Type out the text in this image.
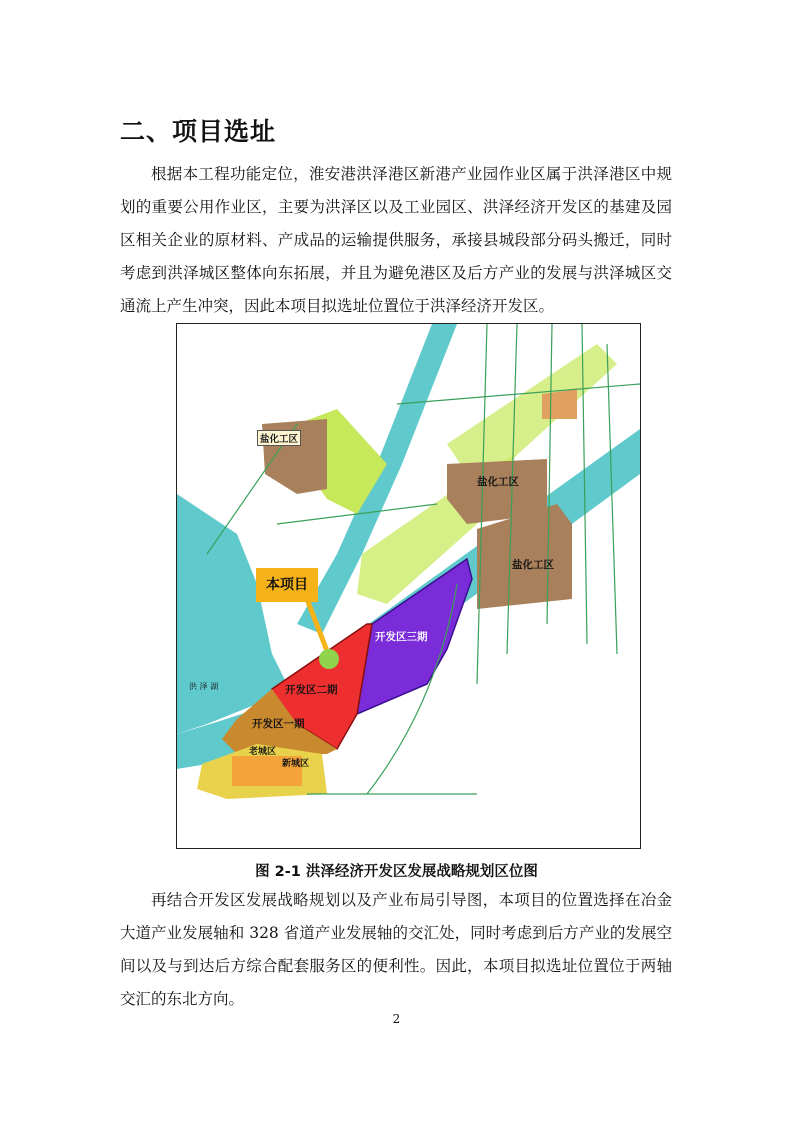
二、项目选址

根据本工程功能定位，淮安港洪泽港区新港产业园作业区属于洪泽港区中规划的重要公用作业区，主要为洪泽区以及工业园区、洪泽经济开发区的基建及园区相关企业的原材料、产成品的运输提供服务，承接县城段部分码头搬迁，同时考虑到洪泽城区整体向东拓展，并且为避免港区及后方产业的发展与洪泽城区交通流上产生冲突，因此本项目拟选址位置位于洪泽经济开发区。

本项目
盐化工区
盐化工区
盐化工区
开发区三期
开发区二期
开发区一期
老城区
新城区
洪 泽 湖
图 2-1 洪泽经济开发区发展战略规划区位图

再结合开发区发展战略规划以及产业布局引导图，本项目的位置选择在冶金大道产业发展轴和 328 省道产业发展轴的交汇处，同时考虑到后方产业的发展空间以及与到达后方综合配套服务区的便利性。因此，本项目拟选址位置位于两轴交汇的东北方向。

2
